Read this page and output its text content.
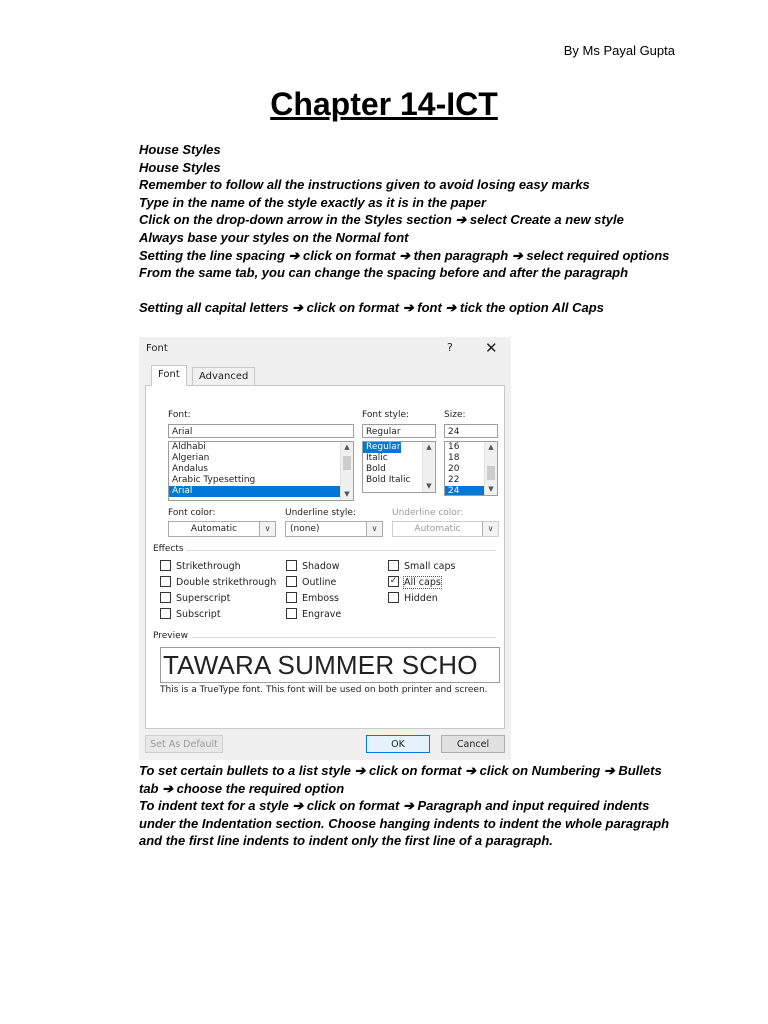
By Ms Payal Gupta
Chapter 14-ICT
House Styles
House Styles
Remember to follow all the instructions given to avoid losing easy marks
Type in the name of the style exactly as it is in the paper
Click on the drop-down arrow in the Styles section ➔ select Create a new style
Always base your styles on the Normal font
Setting the line spacing ➔ click on format ➔ then paragraph ➔ select required options
From the same tab, you can change the spacing before and after the paragraph
Setting all capital letters ➔ click on format ➔ font ➔ tick the option All Caps
Font	? ✕
Font	Advanced
Font:
Arial
Aldhabi
Algerian
Andalus
Arabic Typesetting
Arial
▲
▼
Font style:
Regular
Regular
Italic
Bold
Bold Italic
▲
▼
Size:
24
16
18
20
22
24
▲
▼
Font color:
Automatic	∨
Underline style:
(none)	∨
Underline color:
Automatic	∨
Effects
Strikethrough
Double strikethrough
Superscript
Subscript
Shadow
Outline
Emboss
Engrave
Small caps
✓ All caps
Hidden
Preview
TAWARA SUMMER SCHO
This is a TrueType font. This font will be used on both printer and screen.
Set As Default	OK	Cancel
To set certain bullets to a list style ➔ click on format ➔ click on Numbering ➔ Bullets tab ➔ choose the required option
To indent text for a style ➔ click on format ➔ Paragraph and input required indents under the Indentation section. Choose hanging indents to indent the whole paragraph and the first line indents to indent only the first line of a paragraph.
